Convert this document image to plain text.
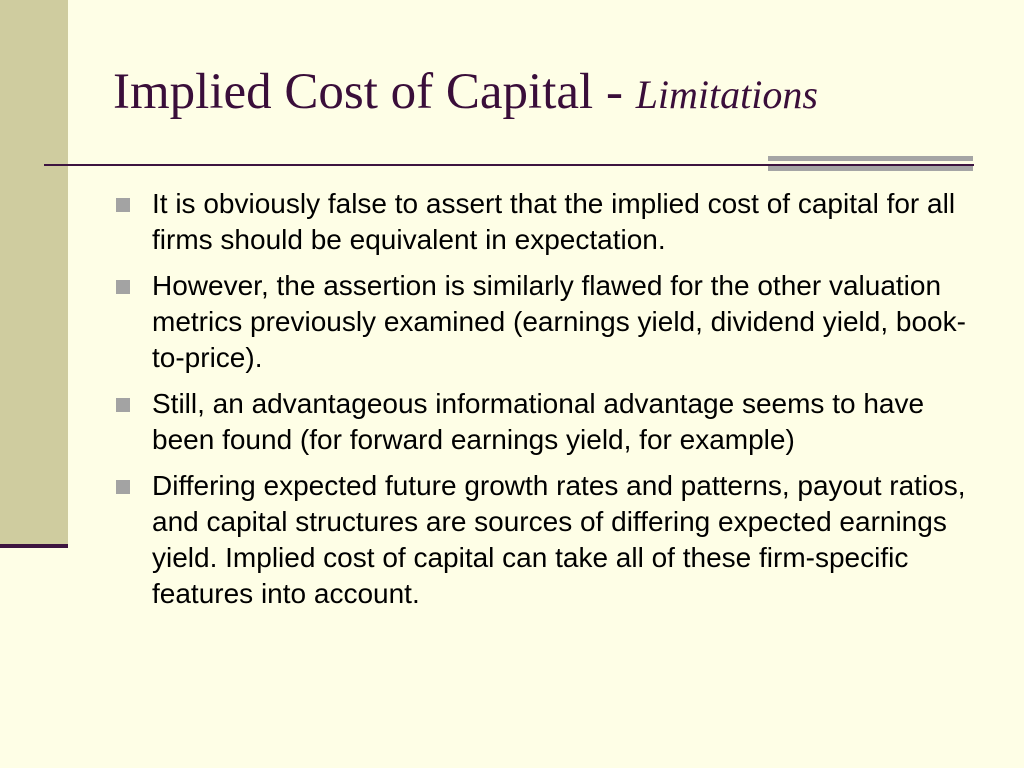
Implied Cost of Capital - Limitations
It is obviously false to assert that the implied cost of capital for all firms should be equivalent in expectation.
However, the assertion is similarly flawed for the other valuation metrics previously examined (earnings yield, dividend yield, book-to-price).
Still, an advantageous informational advantage seems to have been found (for forward earnings yield, for example)
Differing expected future growth rates and patterns, payout ratios, and capital structures are sources of differing expected earnings yield. Implied cost of capital can take all of these firm-specific features into account.
